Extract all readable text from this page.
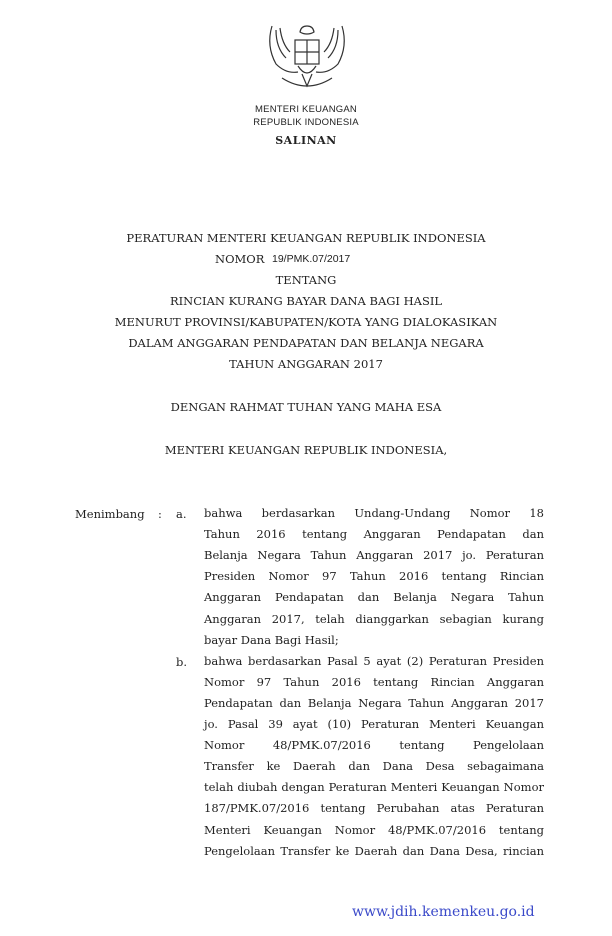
MENTERI KEUANGAN
REPUBLIK INDONESIA
SALINAN
PERATURAN MENTERI KEUANGAN REPUBLIK INDONESIA
NOMOR 19/PMK.07/2017
TENTANG
RINCIAN KURANG BAYAR DANA BAGI HASIL
MENURUT PROVINSI/KABUPATEN/KOTA YANG DIALOKASIKAN
DALAM ANGGARAN PENDAPATAN DAN BELANJA NEGARA
TAHUN ANGGARAN 2017
DENGAN RAHMAT TUHAN YANG MAHA ESA
MENTERI KEUANGAN REPUBLIK INDONESIA,
Menimbang : a. bahwa berdasarkan Undang-Undang Nomor 18
Tahun 2016 tentang Anggaran Pendapatan dan
Belanja Negara Tahun Anggaran 2017 jo. Peraturan
Presiden Nomor 97 Tahun 2016 tentang Rincian
Anggaran Pendapatan dan Belanja Negara Tahun
Anggaran 2017, telah dianggarkan sebagian kurang
bayar Dana Bagi Hasil;
b. bahwa berdasarkan Pasal 5 ayat (2) Peraturan Presiden
Nomor 97 Tahun 2016 tentang Rincian Anggaran
Pendapatan dan Belanja Negara Tahun Anggaran 2017
jo. Pasal 39 ayat (10) Peraturan Menteri Keuangan
Nomor 48/PMK.07/2016 tentang Pengelolaan
Transfer ke Daerah dan Dana Desa sebagaimana
telah diubah dengan Peraturan Menteri Keuangan Nomor
187/PMK.07/2016 tentang Perubahan atas Peraturan
Menteri Keuangan Nomor 48/PMK.07/2016 tentang
Pengelolaan Transfer ke Daerah dan Dana Desa, rincian
www.jdih.kemenkeu.go.id
